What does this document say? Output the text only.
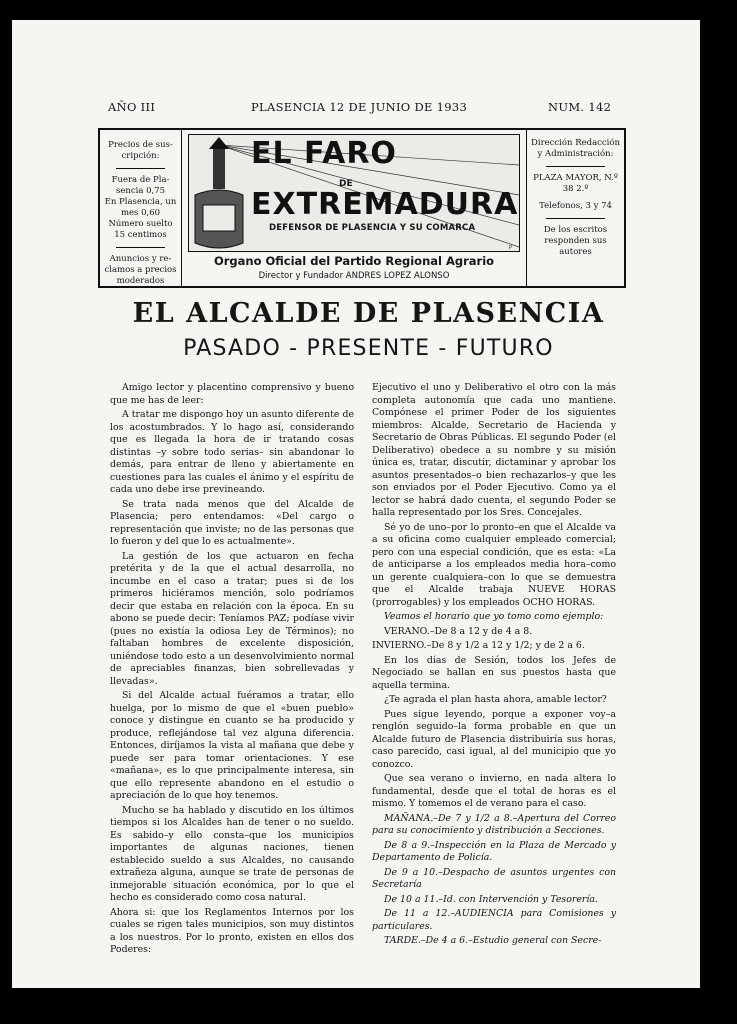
AÑO III	PLASENCIA 12 DE JUNIO DE 1933	NUM. 142

Precios de sus-cripción:

Fuera de Pla-sencia 0,75

En Plasencia, un mes 0,60

Número suelto 15 centimos

Anuncios y re-clamos a precios moderados

P
EL FARO
DE
EXTREMADURA
DEFENSOR DE PLASENCIA Y SU COMARCA
Organo Oficial del Partido Regional Agrario
Director y Fundador ANDRES LOPEZ ALONSO

Dirección Redacción y Administración:

PLAZA MAYOR, N.º 38 2.º

Telefonos, 3 y 74

De los escritos responden sus autores

EL ALCALDE DE PLASENCIA
PASADO - PRESENTE - FUTURO

Amigo lector y placentino comprensivo y bueno que me has de leer:

A tratar me dispongo hoy un asunto diferente de los acostumbrados. Y lo hago así, considerando que es llegada la hora de ir tratando cosas distintas –y sobre todo serias– sin abandonar lo demás, para entrar de lleno y abiertamente en cuestiones para las cuales el ánimo y el espíritu de cada uno debe irse previneando.

Se trata nada menos que del Alcalde de Plasencia; pero entendamos: «Del cargo o representación que inviste; no de las personas que lo fueron y del que lo es actualmente».

La gestión de los que actuaron en fecha pretérita y de la que el actual desarrolla, no incumbe en el caso a tratar; pues si de los primeros hiciéramos mención, solo podríamos decir que estaba en relación con la época. En su abono se puede decir: Teníamos PAZ; podíase vivir (pues no existía la odiosa Ley de Términos); no faltaban hombres de excelente disposición, uniéndose todo esto a un desenvolvimiento normal de apreciables finanzas, bien sobrellevadas y llevadas».

Si del Alcalde actual fuéramos a tratar, ello huelga, por lo mismo de que el «buen pueblo» conoce y distingue en cuanto se ha producido y produce, reflejándose tal vez alguna diferencia. Entonces, diríjamos la vista al mañana que debe y puede ser para tomar orientaciones. Y ese «mañana», es lo que principalmente interesa, sin que ello represente abandono en el estudio o apreciación de lo que hoy tenemos.

Mucho se ha hablado y discutido en los últimos tiempos si los Alcaldes han de tener o no sueldo. Es sabido–y ello consta–que los municipios importantes de algunas naciones, tienen establecido sueldo a sus Alcaldes, no causando extrañeza alguna, aunque se trate de personas de inmejorable situación económica, por lo que el hecho es considerado como cosa natural.

Ahora si: que los Reglamentos Internos por los cuales se rigen tales municipios, son muy distintos a los nuestros. Por lo pronto, existen en ellos dos Poderes:

Ejecutivo el uno y Deliberativo el otro con la más completa autonomía que cada uno mantiene. Compónese el primer Poder de los siguientes miembros: Alcalde, Secretario de Hacienda y Secretario de Obras Públicas. El segundo Poder (el Deliberativo) obedece a su nombre y su misión única es, tratar, discutir, dictaminar y aprobar los asuntos presentados–o bien rechazarlos–y que les son enviados por el Poder Ejecutivo. Como ya el lector se habrá dado cuenta, el segundo Poder se halla representado por los Sres. Concejales.

Sé yo de uno–por lo pronto–en que el Alcalde va a su oficina como cualquier empleado comercial; pero con una especial condición, que es esta: «La de anticiparse a los empleados media hora–como un gerente cualquiera–con lo que se demuestra que el Alcalde trabaja NUEVE HORAS (prorrogables) y los empleados OCHO HORAS.

Veamos el horario que yo tomo como ejemplo:

VERANO.–De 8 a 12 y de 4 a 8.

INVIERNO.–De 8 y 1/2 a 12 y 1/2; y de 2 a 6.

En los días de Sesión, todos los Jefes de Negociado se hallan en sus puestos hasta que aquella termina.

¿Te agrada el plan hasta ahora, amable lector?

Pues sigue leyendo, porque a exponer voy–a renglón seguido–la forma probable en que un Alcalde futuro de Plasencia distribuiría sus horas, caso parecido, casi igual, al del municipio que yo conozco.

Que sea verano o invierno, en nada altera lo fundamental, desde que el total de horas es el mismo. Y tomemos el de verano para el caso.

MAÑANA.–De 7 y 1/2 a 8.–Apertura del Correo para su conocimiento y distribución a Secciones.

De 8 a 9.–Inspección en la Plaza de Mercado y Departamento de Policía.

De 9 a 10.–Despacho de asuntos urgentes con Secretaría

De 10 a 11.–Id. con Intervención y Tesorería.

De 11 a 12.–AUDIENCIA para Comisiones y particulares.

TARDE.–De 4 a 6.–Estudio general con Secre-
